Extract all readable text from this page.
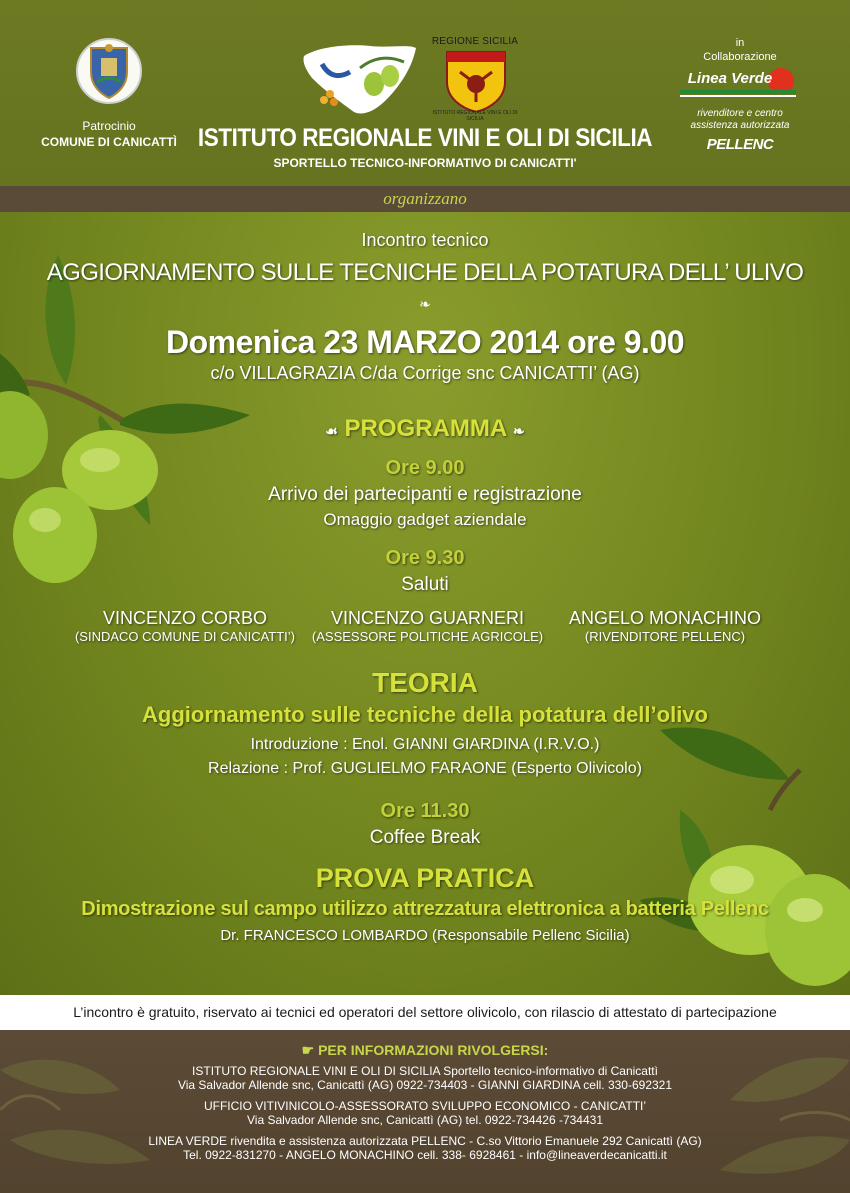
Patrocinio
COMUNE DI CANICATTÌ
REGIONE SICILIA
ISTITUTO REGIONALE VINI E OLI DI SICILIA
ISTITUTO REGIONALE VINI E OLI DI SICILIA
SPORTELLO TECNICO-INFORMATIVO DI CANICATTI'
in
Collaborazione
Linea Verde
rivenditore e centro
assistenza autorizzata
PELLENC
organizzano
Incontro tecnico
AGGIORNAMENTO SULLE TECNICHE DELLA POTATURA DELL’ ULIVO
❧
Domenica 23 MARZO 2014 ore 9.00
c/o VILLAGRAZIA C/da Corrige snc CANICATTI’ (AG)
☙ PROGRAMMA ❧
Ore 9.00
Arrivo dei partecipanti e registrazione
Omaggio gadget aziendale
Ore 9.30
Saluti
VINCENZO CORBO
(SINDACO COMUNE DI CANICATTI’)
VINCENZO GUARNERI
(ASSESSORE POLITICHE AGRICOLE)
ANGELO MONACHINO
(RIVENDITORE PELLENC)
TEORIA
Aggiornamento sulle tecniche della potatura dell’olivo
Introduzione : Enol. GIANNI GIARDINA (I.R.V.O.)
Relazione : Prof. GUGLIELMO FARAONE (Esperto Olivicolo)
Ore 11.30
Coffee Break
PROVA PRATICA
Dimostrazione sul campo utilizzo attrezzatura elettronica a batteria Pellenc
Dr. FRANCESCO LOMBARDO (Responsabile Pellenc Sicilia)
L’incontro è gratuito, riservato ai tecnici ed operatori del settore olivicolo, con rilascio di attestato di partecipazione
☛ PER INFORMAZIONI RIVOLGERSI:
ISTITUTO REGIONALE VINI E OLI DI SICILIA Sportello tecnico-informativo di Canicattì
Via Salvador Allende snc, Canicattì (AG) 0922-734403 - GIANNI GIARDINA cell. 330-692321
UFFICIO VITIVINICOLO-ASSESSORATO SVILUPPO ECONOMICO - CANICATTI’
Via Salvador Allende snc, Canicattì (AG) tel. 0922-734426 -734431
LINEA VERDE rivendita e assistenza autorizzata PELLENC - C.so Vittorio Emanuele 292 Canicattì (AG)
Tel. 0922-831270 - ANGELO MONACHINO cell. 338- 6928461 - info@lineaverdecanicatti.it
